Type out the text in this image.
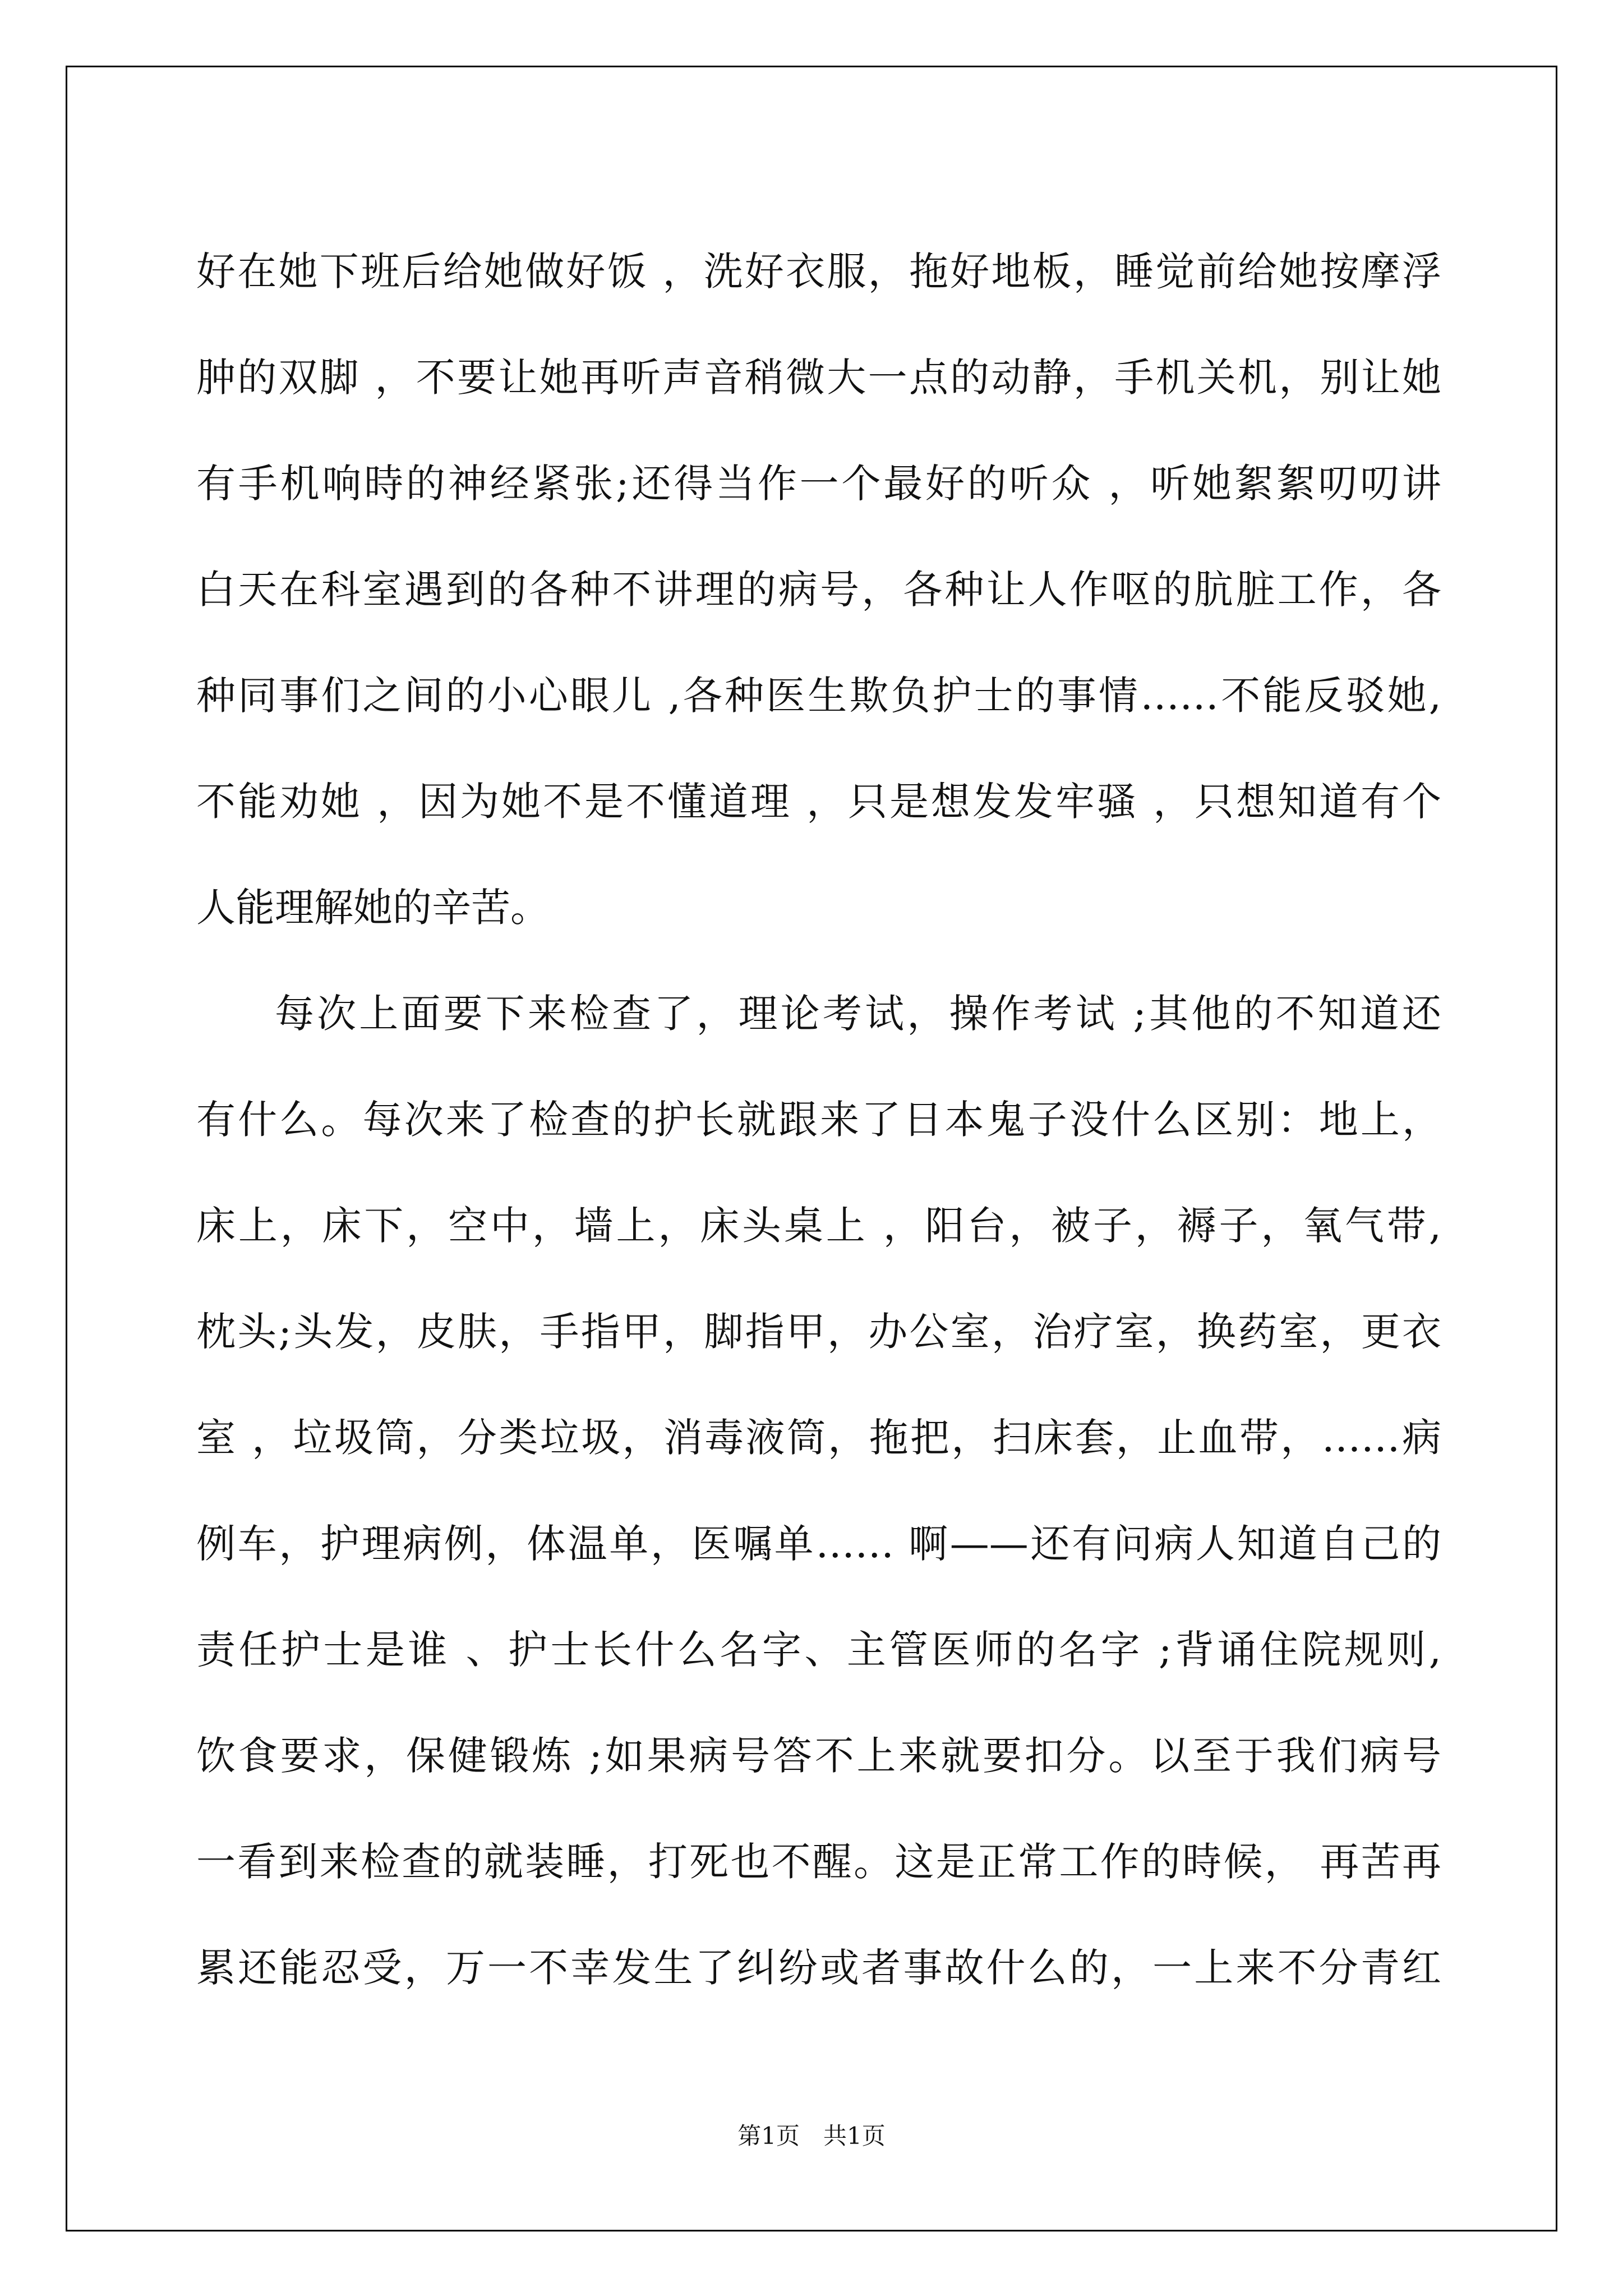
好在她下班后给她做好饭 ，洗好衣服，拖好地板，睡觉前给她按摩浮
肿的双脚 ，不要让她再听声音稍微大一点的动静，手机关机，别让她
有手机响時的神经紧张;还得当作一个最好的听众 ，听她絮絮叨叨讲
白天在科室遇到的各种不讲理的病号，各种让人作呕的肮脏工作，各
种同事们之间的小心眼儿 ,各种医生欺负护士的事情……不能反驳她,
不能劝她 ，因为她不是不懂道理 ，只是想发发牢骚 ，只想知道有个
人能理解她的辛苦。
每次上面要下来检查了，理论考试，操作考试 ;其他的不知道还
有什么。每次来了检查的护长就跟来了日本鬼子没什么区别：地上，
床上，床下，空中，墙上，床头桌上 ，阳台，被子，褥子，氧气带,
枕头;头发，皮肤，手指甲，脚指甲，办公室，治疗室，换药室，更衣
室 ，垃圾筒，分类垃圾，消毒液筒，拖把，扫床套，止血带，……病
例车，护理病例，体温单，医嘱单…… 啊——还有问病人知道自己的
责任护士是谁 、护士长什么名字、主管医师的名字 ;背诵住院规则,
饮食要求，保健锻炼 ;如果病号答不上来就要扣分。以至于我们病号
一看到来检查的就装睡，打死也不醒。这是正常工作的時候， 再苦再
累还能忍受，万一不幸发生了纠纷或者事故什么的，一上来不分青红
第1页　共1页
